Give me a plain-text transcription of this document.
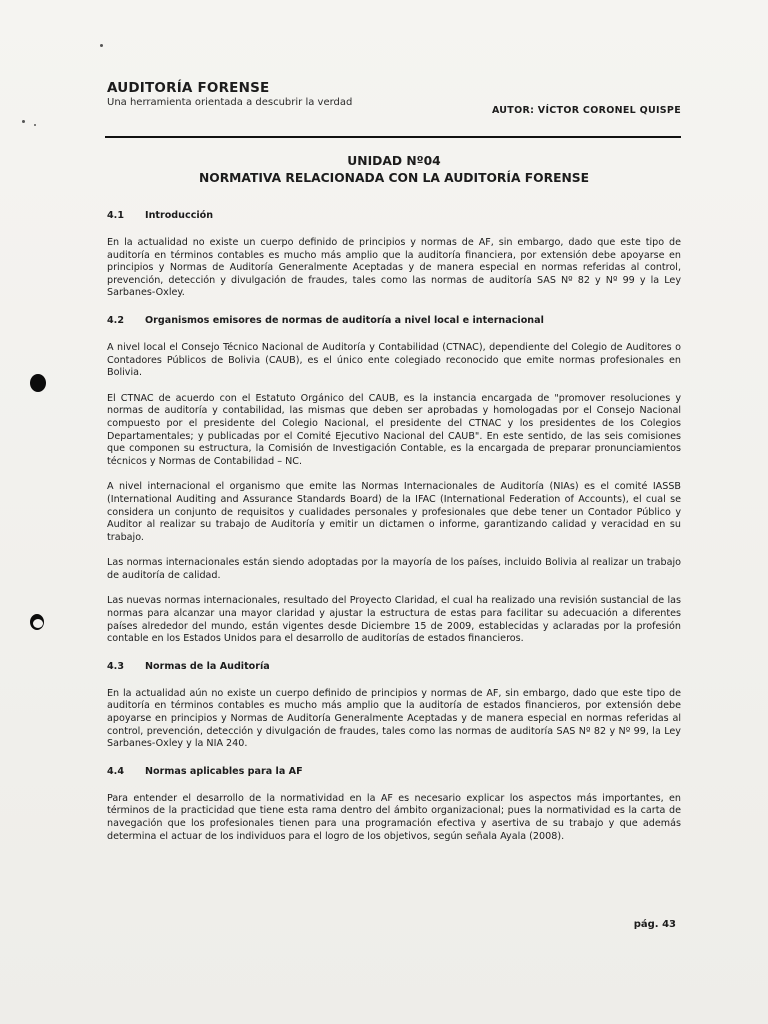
AUDITORÍA FORENSE
Una herramienta orientada a descubrir la verdad
AUTOR: VÍCTOR CORONEL QUISPE
UNIDAD Nº04
NORMATIVA RELACIONADA CON LA AUDITORÍA FORENSE
4.1	Introducción

En la actualidad no existe un cuerpo definido de principios y normas de AF, sin embargo, dado que este tipo de auditoría en términos contables es mucho más amplio que la auditoría financiera, por extensión debe apoyarse en principios y Normas de Auditoría Generalmente Aceptadas y de manera especial en normas referidas al control, prevención, detección y divulgación de fraudes, tales como las normas de auditoría SAS Nº 82 y Nº 99 y la Ley Sarbanes-Oxley.

4.2	Organismos emisores de normas de auditoría a nivel local e internacional

A nivel local el Consejo Técnico Nacional de Auditoría y Contabilidad (CTNAC), dependiente del Colegio de Auditores o Contadores Públicos de Bolivia (CAUB), es el único ente colegiado reconocido que emite normas profesionales en Bolivia.

El CTNAC de acuerdo con el Estatuto Orgánico del CAUB, es la instancia encargada de "promover resoluciones y normas de auditoría y contabilidad, las mismas que deben ser aprobadas y homologadas por el Consejo Nacional compuesto por el presidente del Colegio Nacional, el presidente del CTNAC y los presidentes de los Colegios Departamentales; y publicadas por el Comité Ejecutivo Nacional del CAUB". En este sentido, de las seis comisiones que componen su estructura, la Comisión de Investigación Contable, es la encargada de preparar pronunciamientos técnicos y Normas de Contabilidad – NC.

A nivel internacional el organismo que emite las Normas Internacionales de Auditoría (NIAs) es el comité IASSB (International Auditing and Assurance Standards Board) de la IFAC (International Federation of Accounts), el cual se considera un conjunto de requisitos y cualidades personales y profesionales que debe tener un Contador Público y Auditor al realizar su trabajo de Auditoría y emitir un dictamen o informe, garantizando calidad y veracidad en su trabajo.

Las normas internacionales están siendo adoptadas por la mayoría de los países, incluido Bolivia al realizar un trabajo de auditoría de calidad.

Las nuevas normas internacionales, resultado del Proyecto Claridad, el cual ha realizado una revisión sustancial de las normas para alcanzar una mayor claridad y ajustar la estructura de estas para facilitar su adecuación a diferentes países alrededor del mundo, están vigentes desde Diciembre 15 de 2009, establecidas y aclaradas por la profesión contable en los Estados Unidos para el desarrollo de auditorías de estados financieros.

4.3	Normas de la Auditoría

En la actualidad aún no existe un cuerpo definido de principios y normas de AF, sin embargo, dado que este tipo de auditoría en términos contables es mucho más amplio que la auditoría de estados financieros, por extensión debe apoyarse en principios y Normas de Auditoría Generalmente Aceptadas y de manera especial en normas referidas al control, prevención, detección y divulgación de fraudes, tales como las normas de auditoría SAS Nº 82 y Nº 99, la Ley Sarbanes-Oxley y la NIA 240.

4.4	Normas aplicables para la AF

Para entender el desarrollo de la normatividad en la AF es necesario explicar los aspectos más importantes, en términos de la practicidad que tiene esta rama dentro del ámbito organizacional; pues la normatividad es la carta de navegación que los profesionales tienen para una programación efectiva y asertiva de su trabajo y que además determina el actuar de los individuos para el logro de los objetivos, según señala Ayala (2008).

pág. 43
